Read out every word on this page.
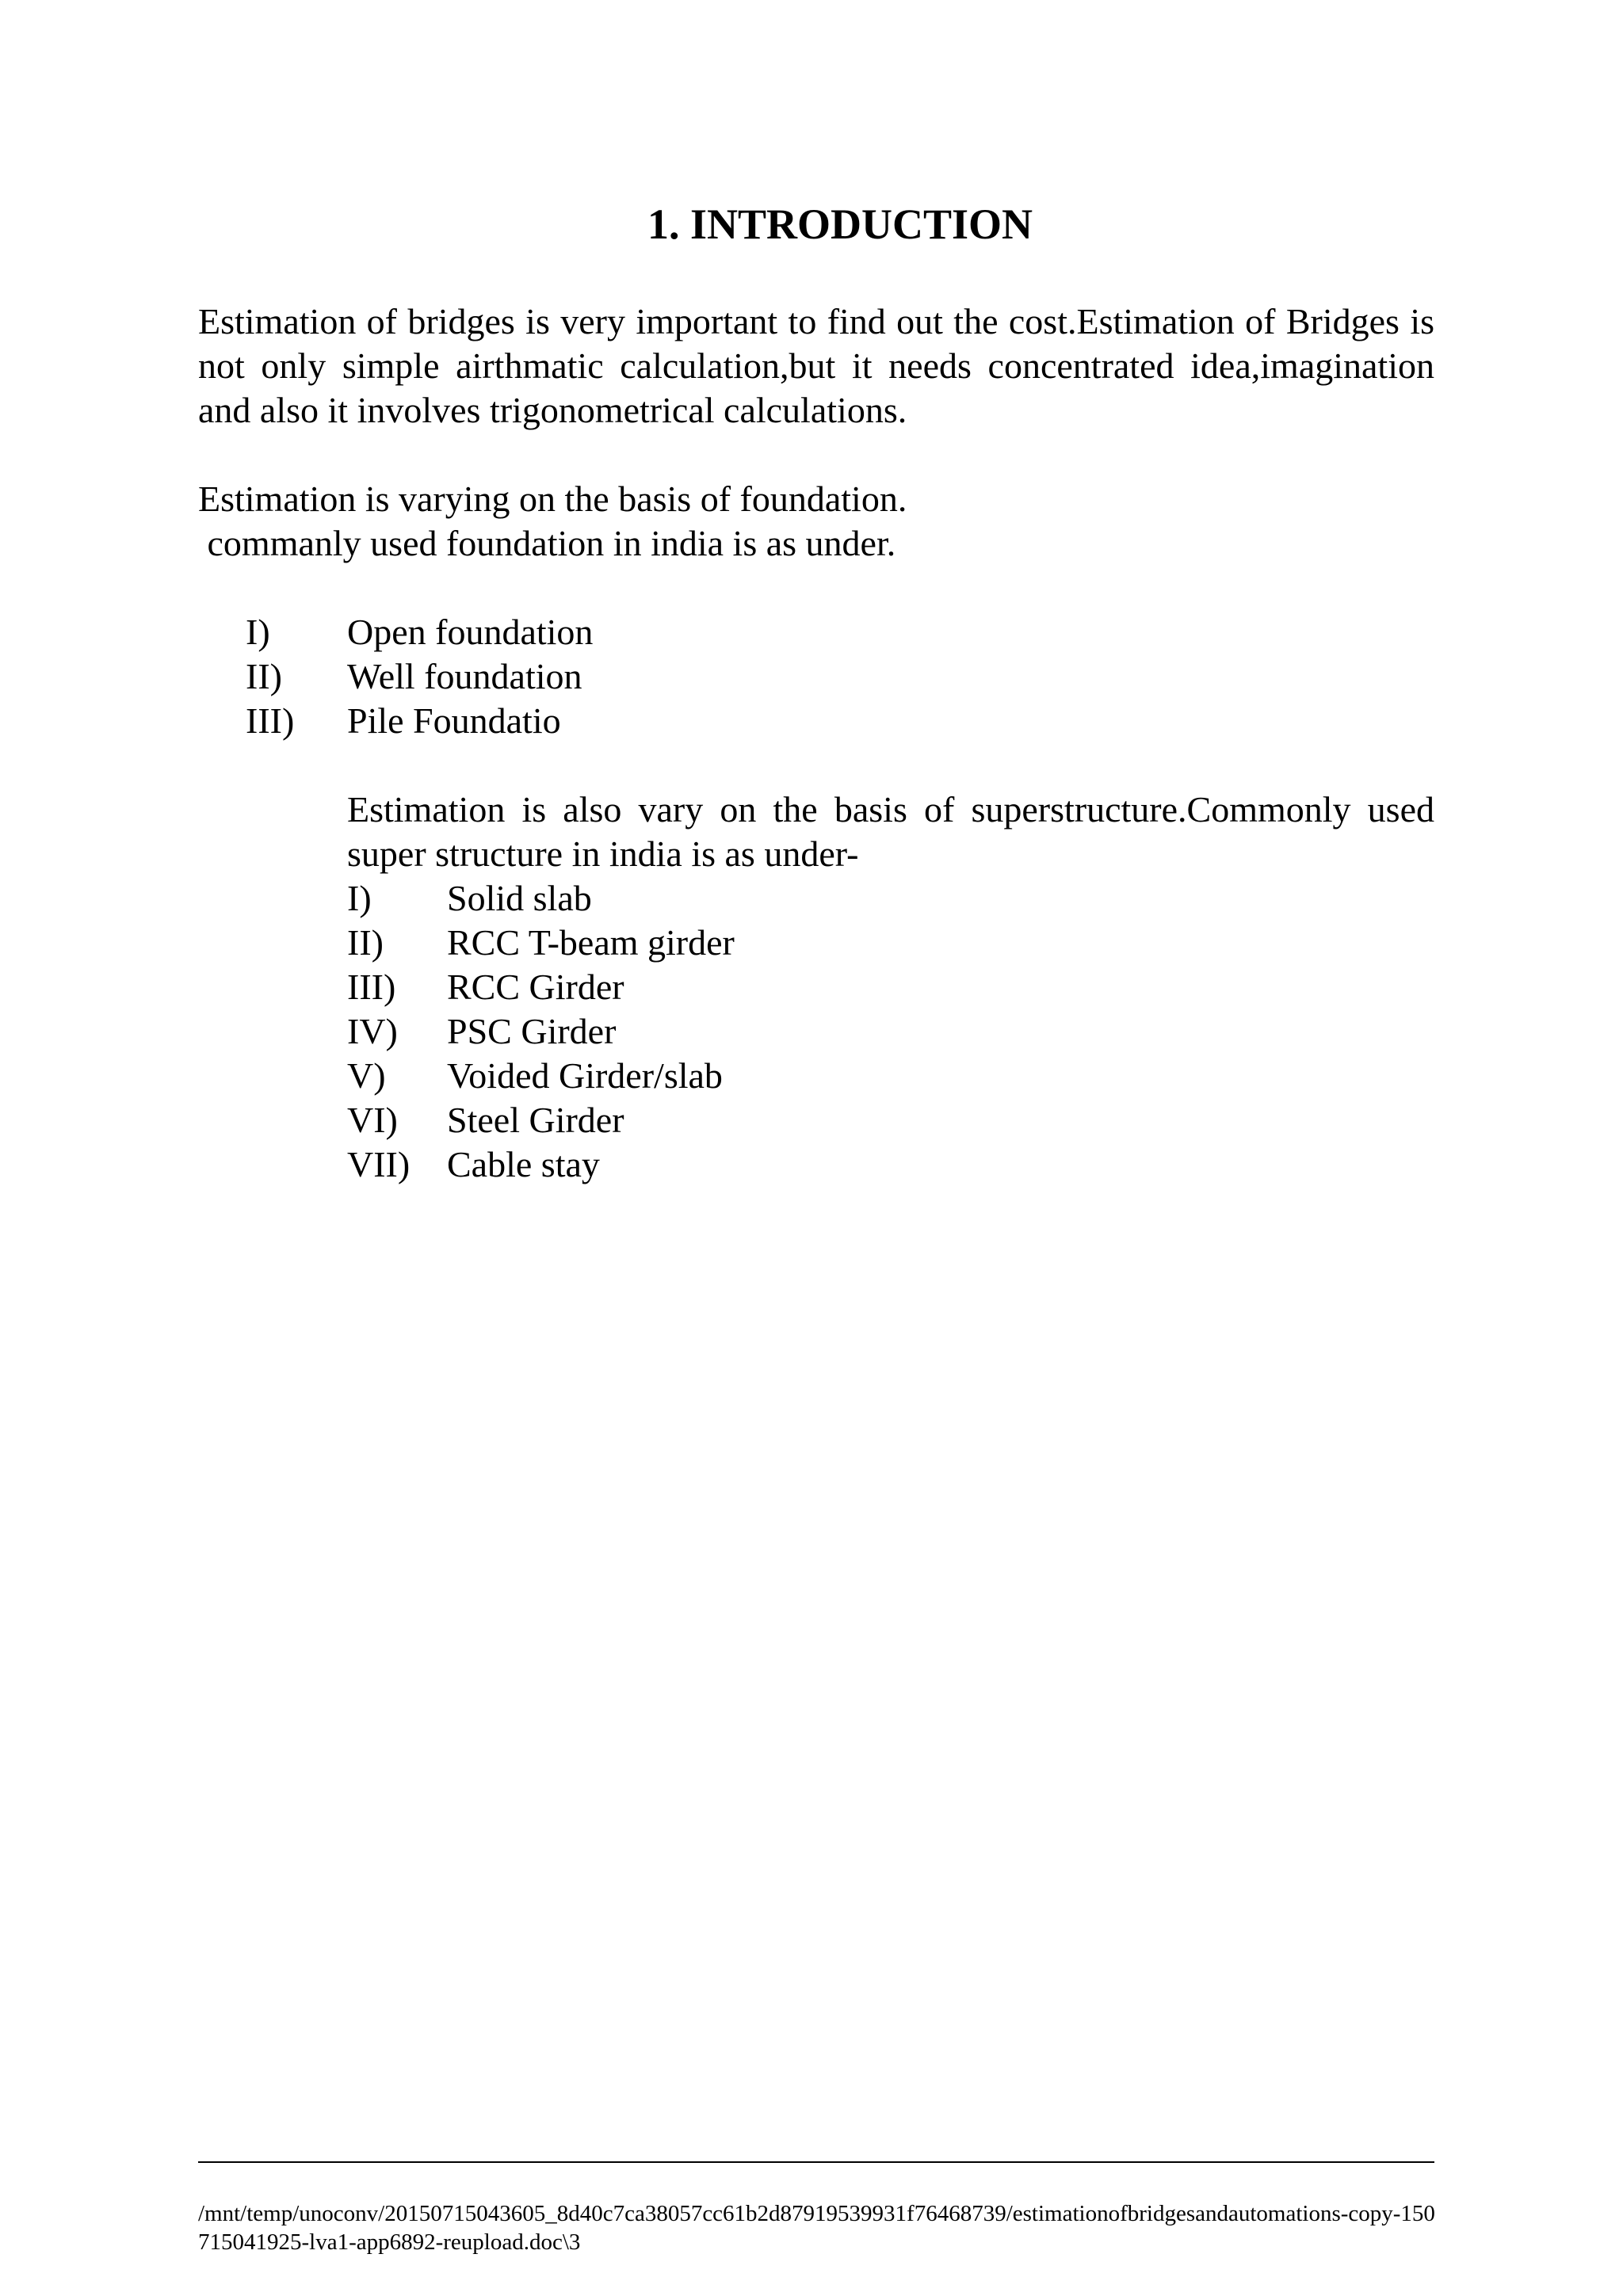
1. INTRODUCTION

Estimation of bridges is very important to find out the cost.Estimation of Bridges is not only simple airthmatic calculation,but it needs concentrated idea,imagination and also it involves trigonometrical calculations.

Estimation is varying on the basis of foundation.

commanly used foundation in india is as under.

I) Open foundation
II) Well foundation
III) Pile Foundatio

Estimation is also vary on the basis of superstructure.Commonly used super structure in india is as under-

I) Solid slab
II) RCC T-beam girder
III) RCC Girder
IV) PSC Girder
V) Voided Girder/slab
VI) Steel Girder
VII) Cable stay

/mnt/temp/unoconv/20150715043605_8d40c7ca38057cc61b2d87919539931f76468739/estimationofbridgesandautomations-copy-150715041925-lva1-app6892-reupload.doc\3
